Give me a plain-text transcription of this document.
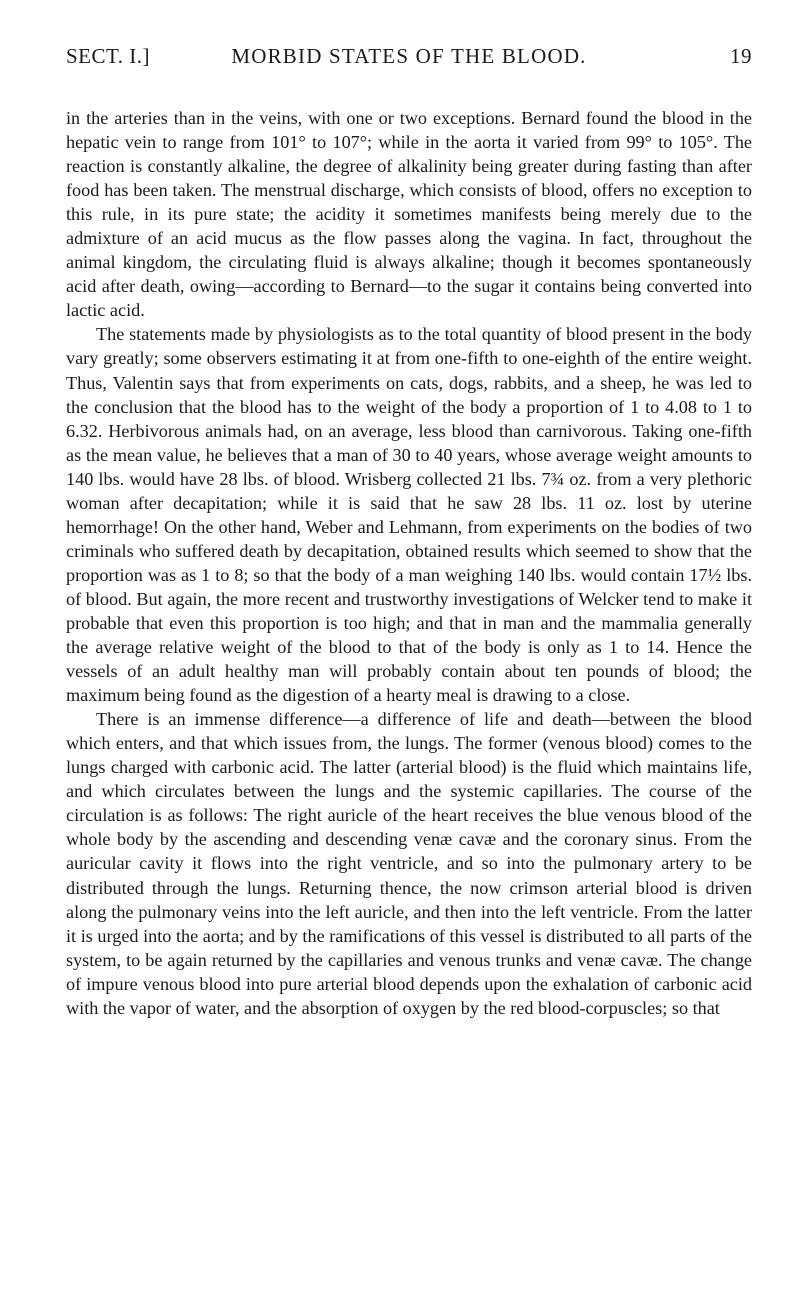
SECT. I.]	MORBID STATES OF THE BLOOD.	19

in the arteries than in the veins, with one or two exceptions. Bernard found the blood in the hepatic vein to range from 101° to 107°; while in the aorta it varied from 99° to 105°. The reaction is constantly alkaline, the degree of alkalinity being greater during fasting than after food has been taken. The menstrual discharge, which consists of blood, offers no exception to this rule, in its pure state; the acidity it sometimes manifests being merely due to the admixture of an acid mucus as the flow passes along the vagina. In fact, throughout the animal kingdom, the circulating fluid is always alkaline; though it becomes spontaneously acid after death, owing—according to Bernard—to the sugar it contains being converted into lactic acid.

The statements made by physiologists as to the total quantity of blood present in the body vary greatly; some observers estimating it at from one-fifth to one-eighth of the entire weight. Thus, Valentin says that from experiments on cats, dogs, rabbits, and a sheep, he was led to the conclusion that the blood has to the weight of the body a proportion of 1 to 4.08 to 1 to 6.32. Herbivorous animals had, on an average, less blood than carnivorous. Taking one-fifth as the mean value, he believes that a man of 30 to 40 years, whose average weight amounts to 140 lbs. would have 28 lbs. of blood. Wrisberg collected 21 lbs. 7¾ oz. from a very plethoric woman after decapitation; while it is said that he saw 28 lbs. 11 oz. lost by uterine hemorrhage! On the other hand, Weber and Lehmann, from experiments on the bodies of two criminals who suffered death by decapitation, obtained results which seemed to show that the proportion was as 1 to 8; so that the body of a man weighing 140 lbs. would contain 17½ lbs. of blood. But again, the more recent and trustworthy investigations of Welcker tend to make it probable that even this proportion is too high; and that in man and the mammalia generally the average relative weight of the blood to that of the body is only as 1 to 14. Hence the vessels of an adult healthy man will probably contain about ten pounds of blood; the maximum being found as the digestion of a hearty meal is drawing to a close.

There is an immense difference—a difference of life and death—between the blood which enters, and that which issues from, the lungs. The former (venous blood) comes to the lungs charged with carbonic acid. The latter (arterial blood) is the fluid which maintains life, and which circulates between the lungs and the systemic capillaries. The course of the circulation is as follows: The right auricle of the heart receives the blue venous blood of the whole body by the ascending and descending venæ cavæ and the coronary sinus. From the auricular cavity it flows into the right ventricle, and so into the pulmonary artery to be distributed through the lungs. Returning thence, the now crimson arterial blood is driven along the pulmonary veins into the left auricle, and then into the left ventricle. From the latter it is urged into the aorta; and by the ramifications of this vessel is distributed to all parts of the system, to be again returned by the capillaries and venous trunks and venæ cavæ. The change of impure venous blood into pure arterial blood depends upon the exhalation of carbonic acid with the vapor of water, and the absorption of oxygen by the red blood-corpuscles; so that
